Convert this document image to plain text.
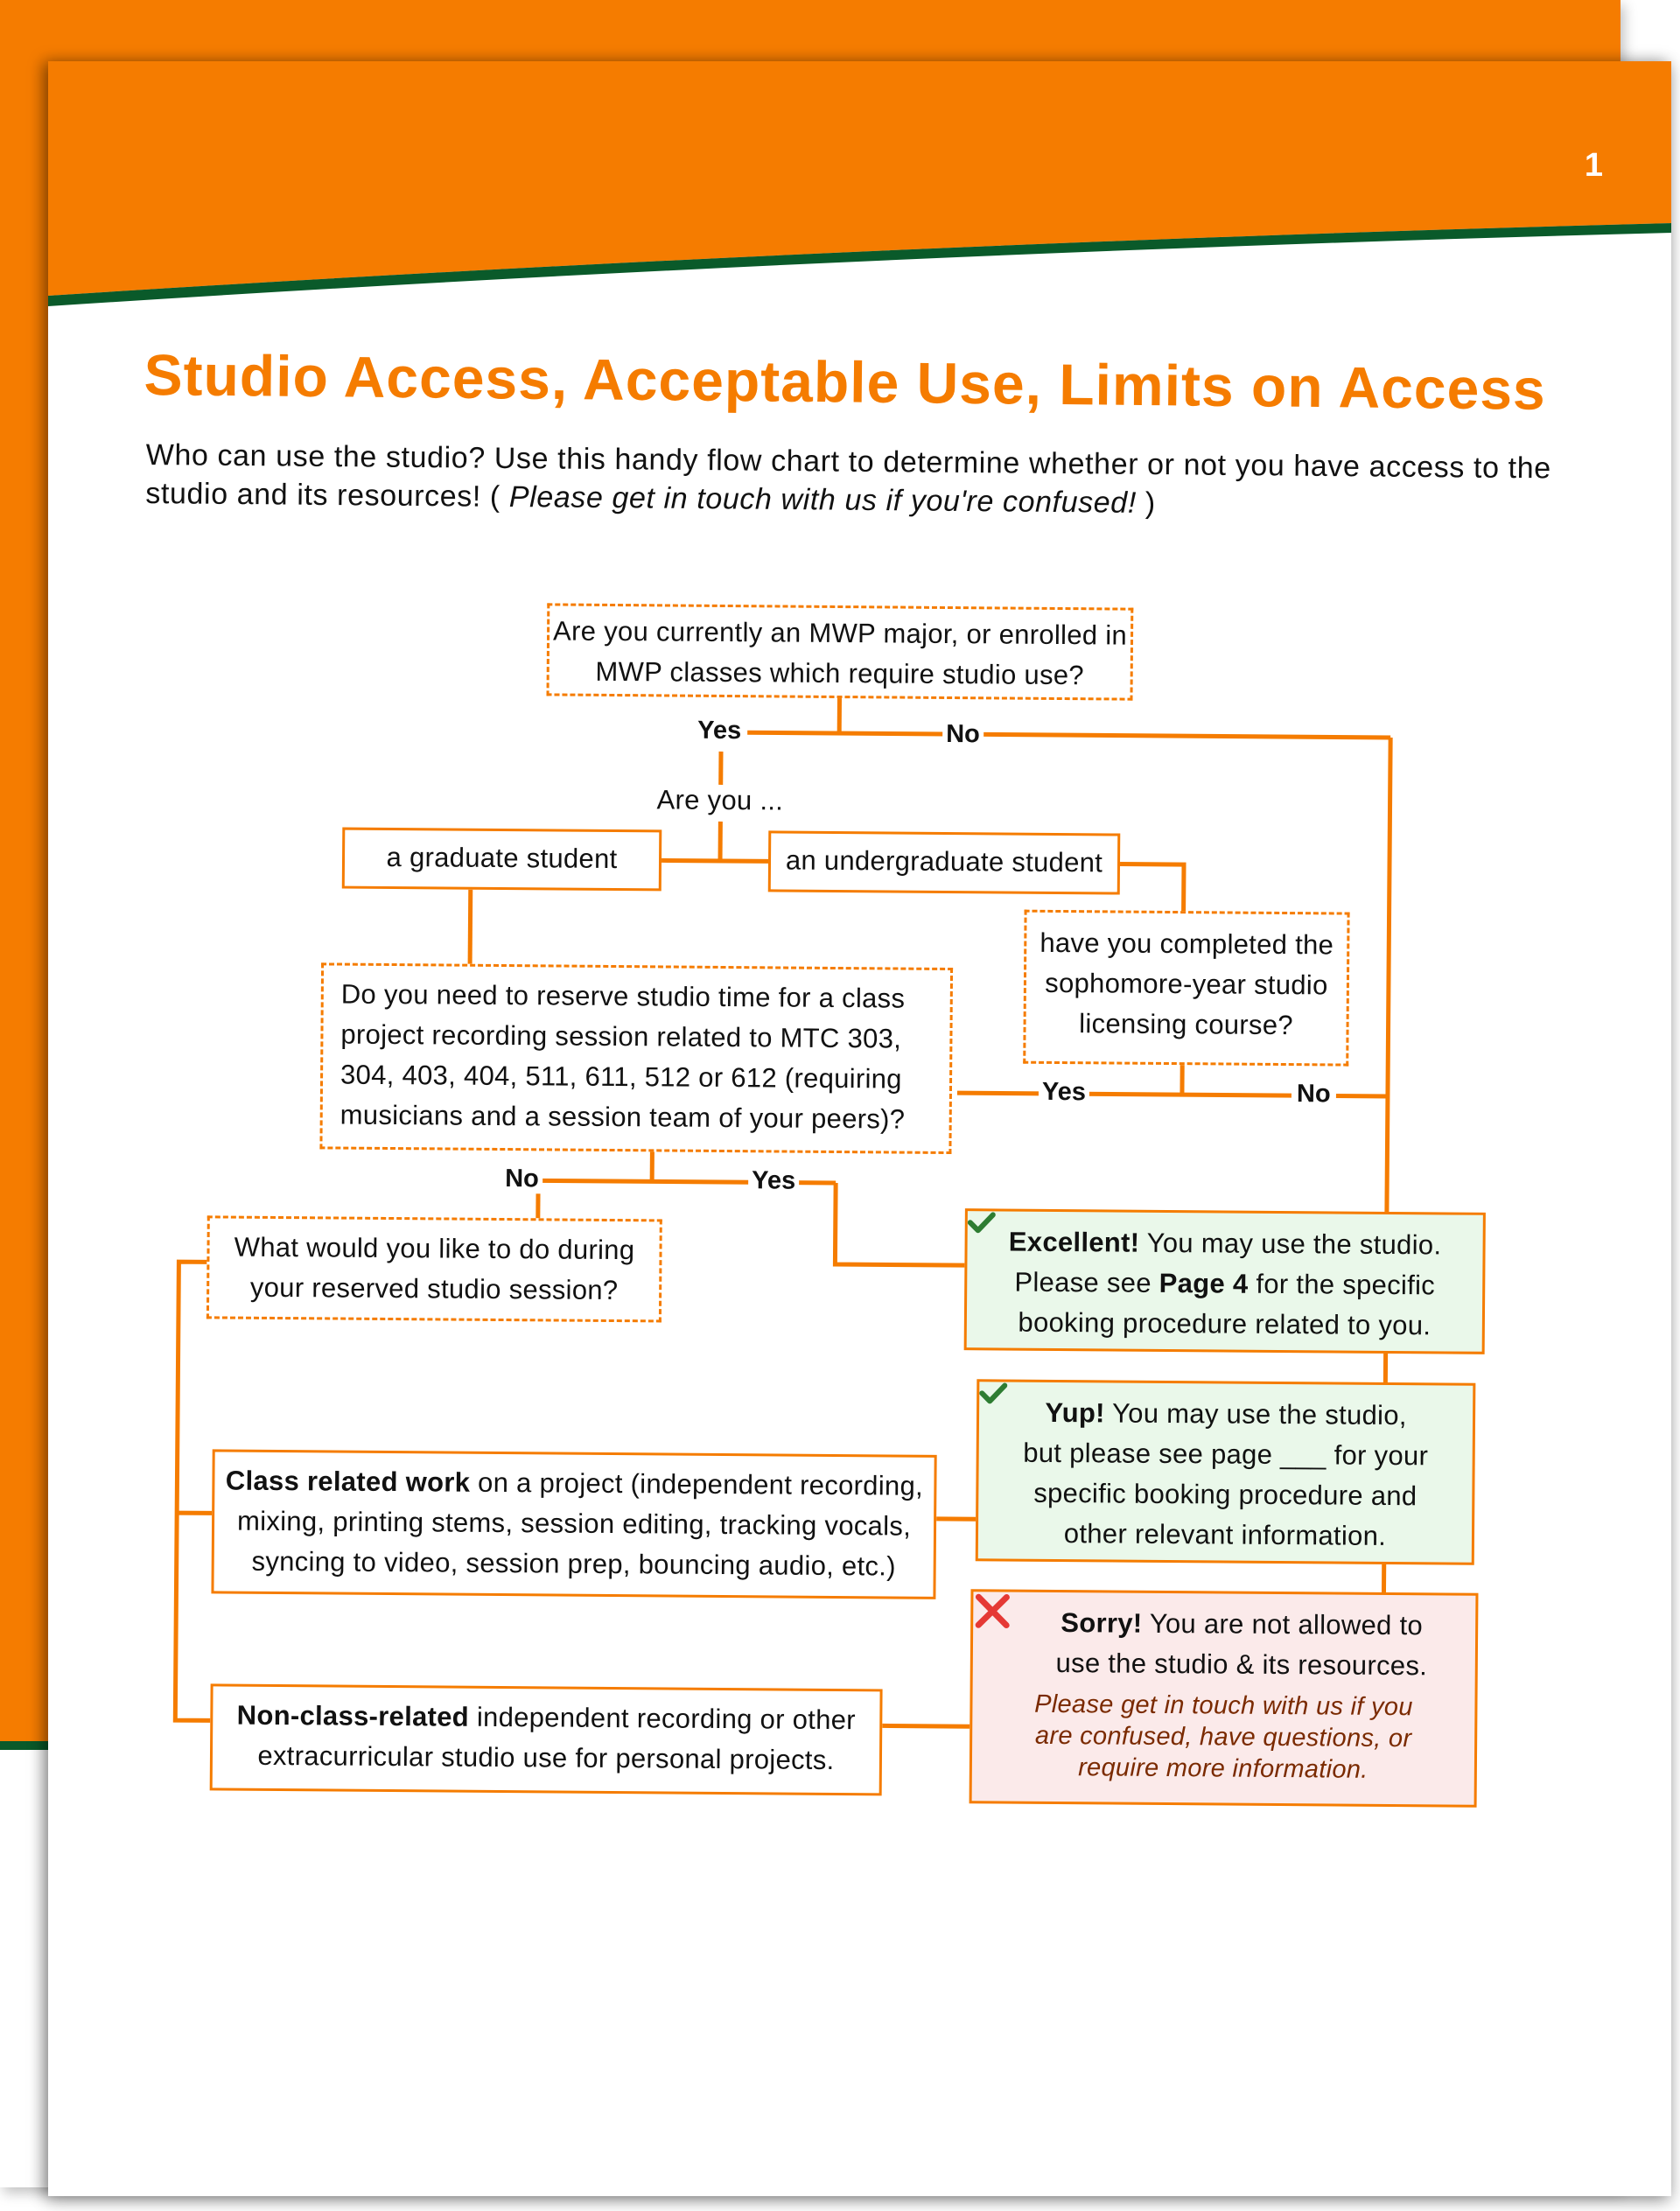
1
Studio Access, Acceptable Use, Limits on Access

Who can use the studio? Use this handy flow chart to determine whether or not you have access to the studio and its resources! ( Please get in touch with us if you're confused! )

Are you currently an MWP major, or enrolled in
MWP classes which require studio use?
Yes	No
Are you ...
a graduate student	an undergraduate student
have you completed the
sophomore-year studio
licensing course?
Yes	No
Do you need to reserve studio time for a class
project recording session related to MTC 303,
304, 403, 404, 511, 611, 512 or 612 (requiring
musicians and a session team of your peers)?
No	Yes
What would you like to do during
your reserved studio session?
Excellent! You may use the studio.
Please see Page 4 for the specific
booking procedure related to you.
Yup! You may use the studio,
but please see page ___ for your
specific booking procedure and
other relevant information.
Class related work on a project (independent recording,
mixing, printing stems, session editing, tracking vocals,
syncing to video, session prep, bouncing audio, etc.)
Sorry! You are not allowed to
use the studio & its resources.
Please get in touch with us if you
are confused, have questions, or
require more information.
Non-class-related independent recording or other
extracurricular studio use for personal projects.
